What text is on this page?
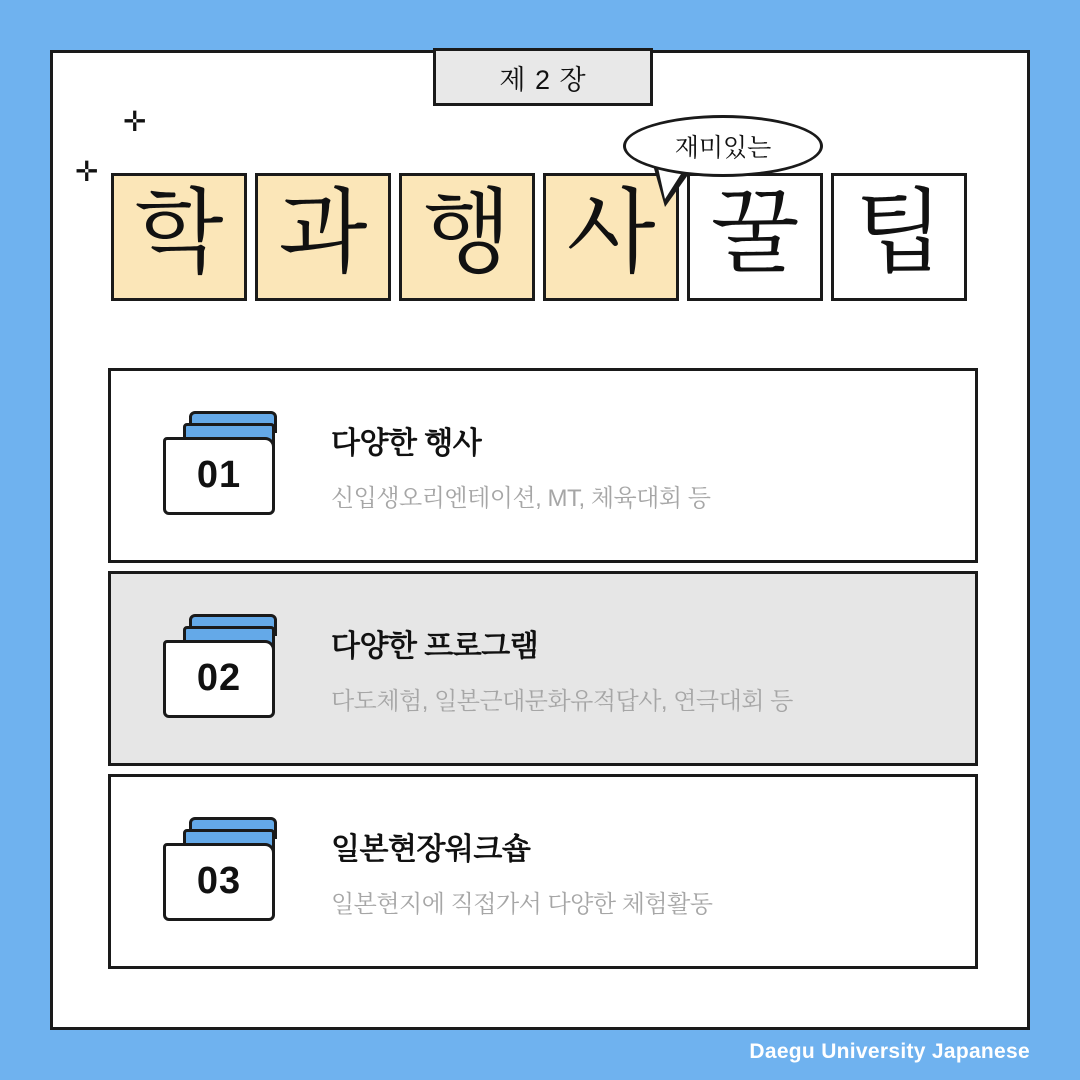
제 2 장
✛
✛
재미있는
학 과 행 사 꿀 팁
01
다양한 행사
신입생오리엔테이션, MT, 체육대회 등
02
다양한 프로그램
다도체험, 일본근대문화유적답사, 연극대회 등
03
일본현장워크숍
일본현지에 직접가서 다양한 체험활동
Daegu University Japanese
